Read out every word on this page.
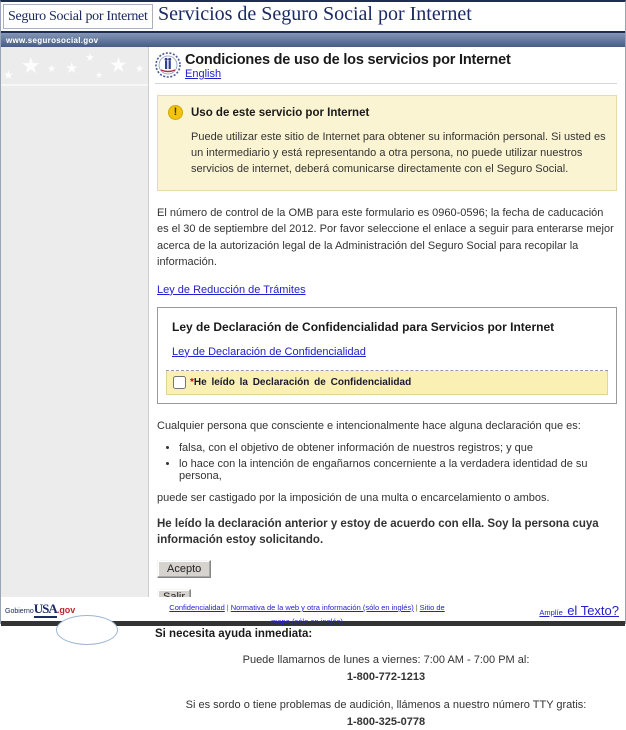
Seguro Social por Internet Servicios de Seguro Social por Internet
www.segurosocial.gov
★ ★ ★
★ ★ ★
★	★
Condiciones de uso de los servicios por Internet
English
!	Uso de este servicio por Internet
Puede utilizar este sitio de Internet para obtener su información personal. Si usted es un intermediario y está representando a otra persona, no puede utilizar nuestros servicios de internet, deberá comunicarse directamente con el Seguro Social.
El número de control de la OMB para este formulario es 0960-0596; la fecha de caducación es el 30 de septiembre del 2012. Por favor seleccione el enlace a seguir para enterarse mejor acerca de la autorización legal de la Administración del Seguro Social para recopilar la información.
Ley de Reducción de Trámites
Ley de Declaración de Confidencialidad para Servicios por Internet
Ley de Declaración de Confidencialidad
* He leído la Declaración de Confidencialidad
Cualquier persona que consciente e intencionalmente hace alguna declaración que es:
• falsa, con el objetivo de obtener información de nuestros registros; y que
• lo hace con la intención de engañarnos concerniente a la verdadera identidad de su persona,
puede ser castigado por la imposición de una multa o encarcelamiento o ambos.
He leído la declaración anterior y estoy de acuerdo con ella. Soy la persona cuya información estoy solicitando.
Acepto
Si necesita ayuda inmediata:
Puede llamarnos de lunes a viernes: 7:00 AM - 7:00 PM al:
1-800-772-1213
Si es sordo o tiene problemas de audición, llámenos a nuestro número TTY gratis:
1-800-325-0778
GobiernoUSA.gov	Confidencialidad | Normativa de la web y otra información (sólo en inglés) | Sitio de mapa (sólo en inglés)
Amplíe el Texto?
